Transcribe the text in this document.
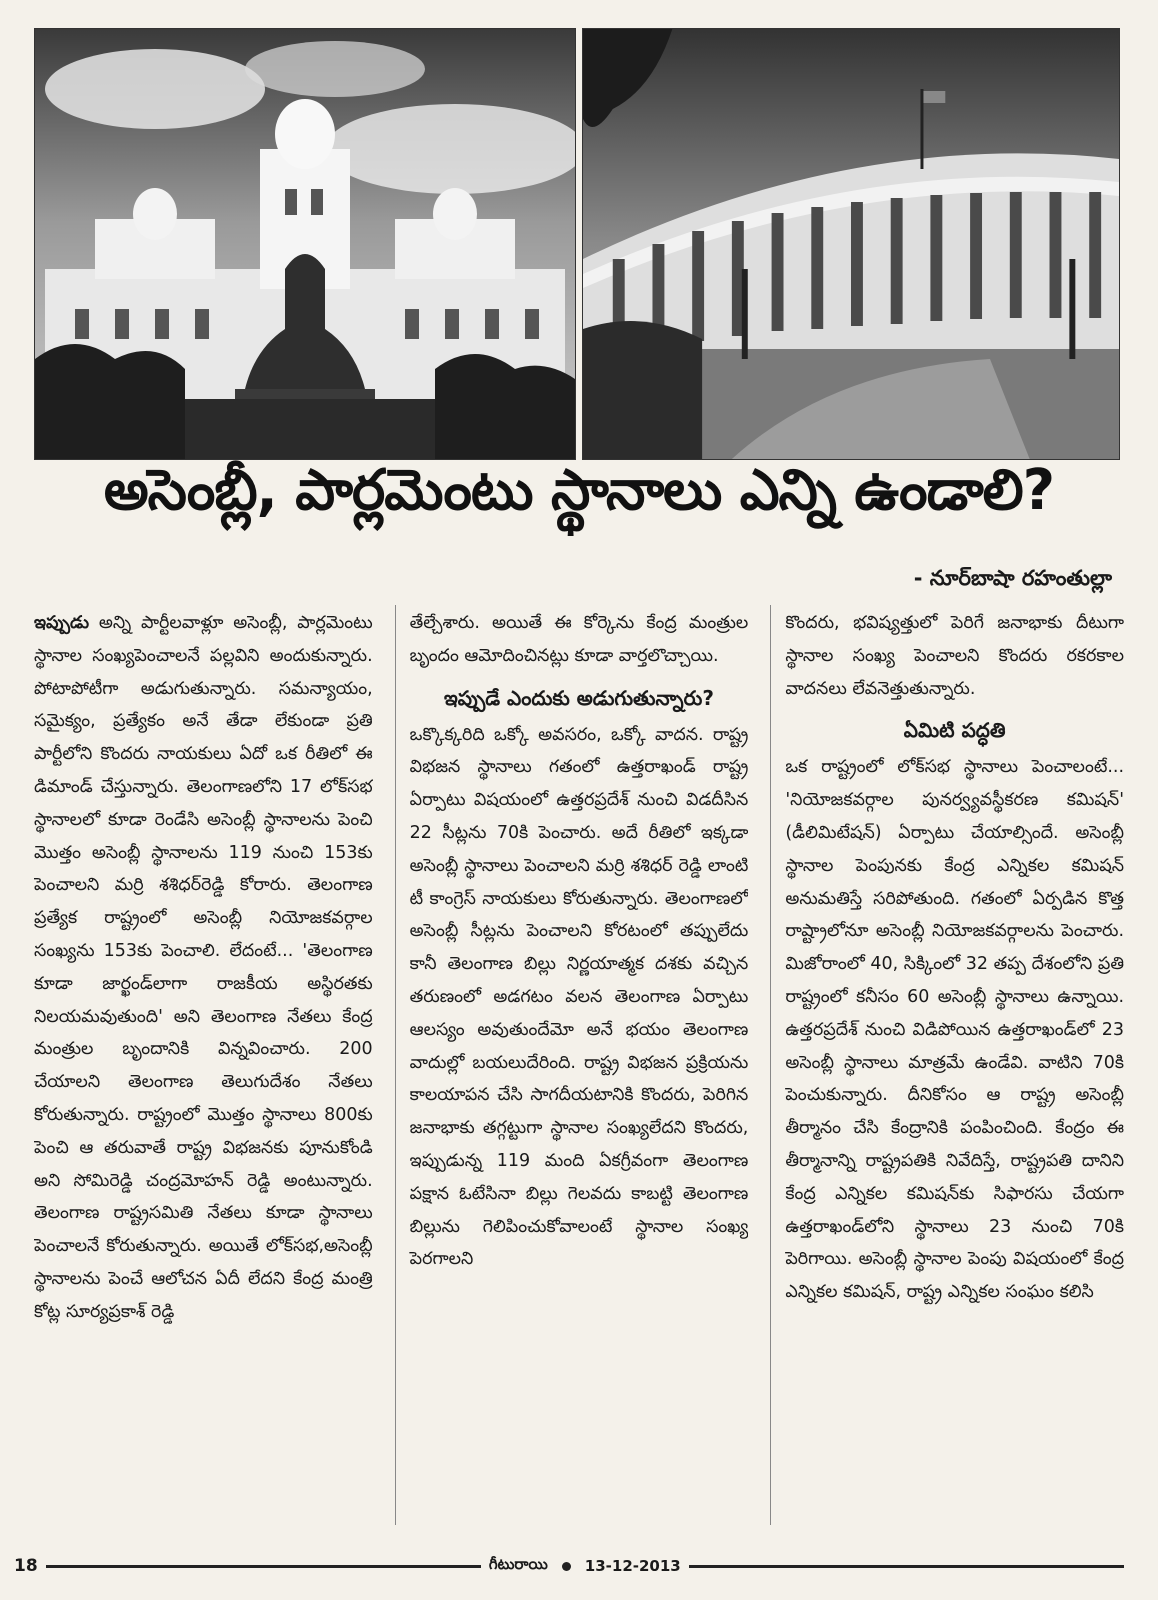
అసెంబ్లీ, పార్లమెంటు స్థానాలు ఎన్ని ఉండాలి?
- నూర్‌బాషా రహంతుల్లా

ఇప్పుడు అన్ని పార్టీలవాళ్లూ అసెంబ్లీ, పార్లమెంటు స్థానాల సంఖ్యపెంచాలనే పల్లవిని అందుకున్నారు. పోటాపోటీగా అడుగుతున్నారు. సమన్యాయం, సమైక్యం, ప్రత్యేకం అనే తేడా లేకుండా ప్రతి పార్టీలోని కొందరు నాయకులు ఏదో ఒక రీతిలో ఈ డిమాండ్ చేస్తున్నారు. తెలంగాణలోని 17 లోక్‌సభ స్థానాలలో కూడా రెండేసి అసెంబ్లీ స్థానాలను పెంచి మొత్తం అసెంబ్లీ స్థానాలను 119 నుంచి 153కు పెంచాలని మర్రి శశిధర్‌రెడ్డి కోరారు. తెలంగాణ ప్రత్యేక రాష్ట్రంలో అసెంబ్లీ నియోజకవర్గాల సంఖ్యను 153కు పెంచాలి. లేదంటే... 'తెలంగాణ కూడా జార్ఖండ్‌లాగా రాజకీయ అస్థిరతకు నిలయమవుతుంది' అని తెలంగాణ నేతలు కేంద్ర మంత్రుల బృందానికి విన్నవించారు. 200 చేయాలని తెలంగాణ తెలుగుదేశం నేతలు కోరుతున్నారు. రాష్ట్రంలో మొత్తం స్థానాలు 800కు పెంచి ఆ తరువాతే రాష్ట్ర విభజనకు పూనుకోండి అని సోమిరెడ్డి చంద్రమోహన్ రెడ్డి అంటున్నారు. తెలంగాణ రాష్ట్రసమితి నేతలు కూడా స్థానాలు పెంచాలనే కోరుతున్నారు. అయితే లోక్‌సభ,అసెంబ్లీ స్థానాలను పెంచే ఆలోచన ఏదీ లేదని కేంద్ర మంత్రి కోట్ల సూర్యప్రకాశ్ రెడ్డి

తేల్చేశారు. అయితే ఈ కోర్కెను కేంద్ర మంత్రుల బృందం ఆమోదించినట్లు కూడా వార్తలొచ్చాయి.

ఇప్పుడే ఎందుకు అడుగుతున్నారు?

ఒక్కొక్కరిది ఒక్కో అవసరం, ఒక్కో వాదన. రాష్ట్ర విభజన స్థానాలు గతంలో ఉత్తరాఖండ్ రాష్ట్ర ఏర్పాటు విషయంలో ఉత్తరప్రదేశ్ నుంచి విడదీసిన 22 సీట్లను 70కి పెంచారు. అదే రీతిలో ఇక్కడా అసెంబ్లీ స్థానాలు పెంచాలని మర్రి శశిధర్ రెడ్డి లాంటి టీ కాంగ్రెస్ నాయకులు కోరుతున్నారు. తెలంగాణలో అసెంబ్లీ సీట్లను పెంచాలని కోరటంలో తప్పులేదు కానీ తెలంగాణ బిల్లు నిర్ణయాత్మక దశకు వచ్చిన తరుణంలో అడగటం వలన తెలంగాణ ఏర్పాటు ఆలస్యం అవుతుందేమో అనే భయం తెలంగాణ వాదుల్లో బయలుదేరింది. రాష్ట్ర విభజన ప్రక్రియను కాలయాపన చేసి సాగదీయటానికి కొందరు, పెరిగిన జనాభాకు తగ్గట్టుగా స్థానాల సంఖ్యలేదని కొందరు, ఇప్పుడున్న 119 మంది ఏకగ్రీవంగా తెలంగాణ పక్షాన ఓటేసినా బిల్లు గెలవదు కాబట్టి తెలంగాణ బిల్లును గెలిపించుకోవాలంటే స్థానాల సంఖ్య పెరగాలని

కొందరు, భవిష్యత్తులో పెరిగే జనాభాకు దీటుగా స్థానాల సంఖ్య పెంచాలని కొందరు రకరకాల వాదనలు లేవనెత్తుతున్నారు.

ఏమిటి పద్ధతి

ఒక రాష్ట్రంలో లోక్‌సభ స్థానాలు పెంచాలంటే... 'నియోజకవర్గాల పునర్వ్యవస్థీకరణ కమిషన్' (డీలిమిటేషన్) ఏర్పాటు చేయాల్సిందే. అసెంబ్లీ స్థానాల పెంపునకు కేంద్ర ఎన్నికల కమిషన్ అనుమతిస్తే సరిపోతుంది. గతంలో ఏర్పడిన కొత్త రాష్ట్రాలోనూ అసెంబ్లీ నియోజకవర్గాలను పెంచారు. మిజోరాంలో 40, సిక్కింలో 32 తప్ప దేశంలోని ప్రతి రాష్ట్రంలో కనీసం 60 అసెంబ్లీ స్థానాలు ఉన్నాయి. ఉత్తరప్రదేశ్ నుంచి విడిపోయిన ఉత్తరాఖండ్‌లో 23 అసెంబ్లీ స్థానాలు మాత్రమే ఉండేవి. వాటిని 70కి పెంచుకున్నారు. దీనికోసం ఆ రాష్ట్ర అసెంబ్లీ తీర్మానం చేసి కేంద్రానికి పంపించింది. కేంద్రం ఈ తీర్మానాన్ని రాష్ట్రపతికి నివేదిస్తే, రాష్ట్రపతి దానిని కేంద్ర ఎన్నికల కమిషన్‌కు సిఫారసు చేయగా ఉత్తరాఖండ్‌లోని స్థానాలు 23 నుంచి 70కి పెరిగాయి. అసెంబ్లీ స్థానాల పెంపు విషయంలో కేంద్ర ఎన్నికల కమిషన్, రాష్ట్ర ఎన్నికల సంఘం కలిసి

18	గీటురాయి 13-12-2013
